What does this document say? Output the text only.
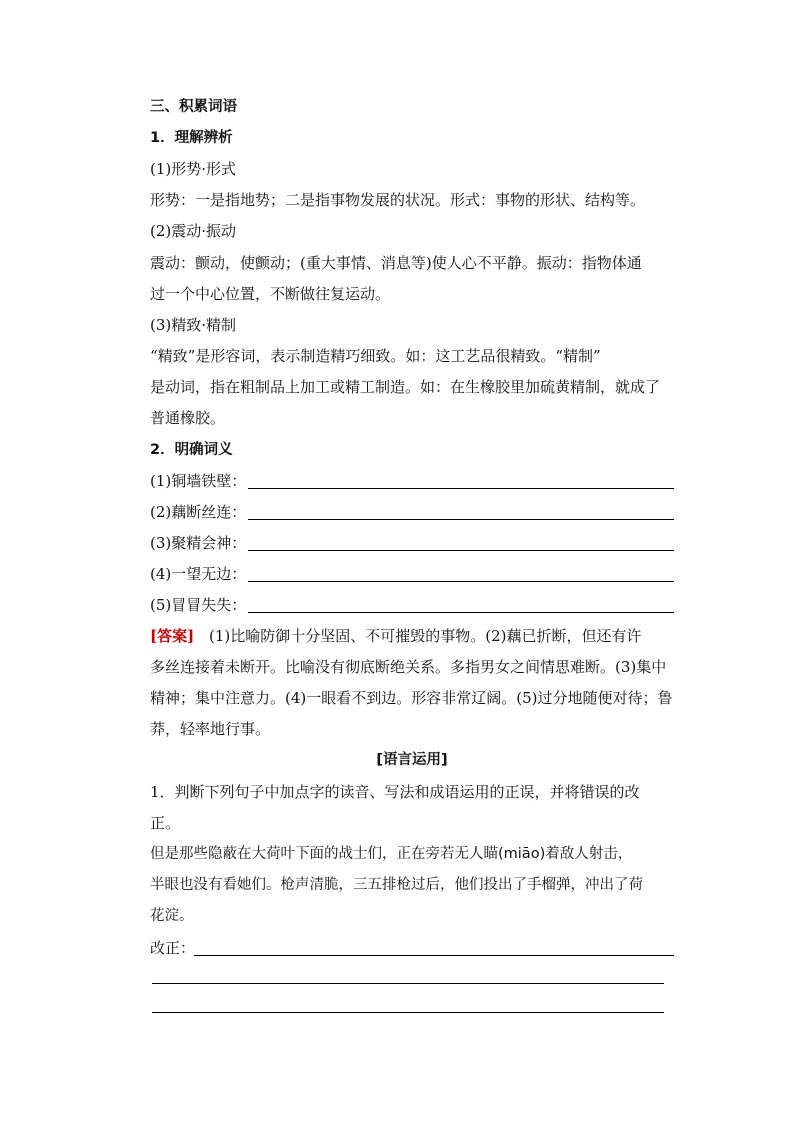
三、积累词语
1．理解辨析
(1)形势·形式
形势：一是指地势；二是指事物发展的状况。形式：事物的形状、结构等。
(2)震动·振动
震动：颤动，使颤动；(重大事情、消息等)使人心不平静。振动：指物体通
过一个中心位置，不断做往复运动。
(3)精致·精制
“精致”是形容词，表示制造精巧细致。如：这工艺品很精致。“精制”
是动词，指在粗制品上加工或精工制造。如：在生橡胶里加硫黄精制，就成了
普通橡胶。
2．明确词义
(1)铜墙铁壁：
(2)藕断丝连：
(3)聚精会神：
(4)一望无边：
(5)冒冒失失：
[答案] (1)比喻防御十分坚固、不可摧毁的事物。(2)藕已折断，但还有许
多丝连接着未断开。比喻没有彻底断绝关系。多指男女之间情思难断。(3)集中
精神；集中注意力。(4)一眼看不到边。形容非常辽阔。(5)过分地随便对待；鲁
莽，轻率地行事。
[语言运用]
1．判断下列句子中加点字的读音、写法和成语运用的正误，并将错误的改
正。
但是那些隐蔽在大荷叶下面的战士们，正在旁若无人瞄(miāo)着敌人射击，
半眼也没有看她们。枪声清脆，三五排枪过后，他们投出了手榴弹，冲出了荷
花淀。
改正：
